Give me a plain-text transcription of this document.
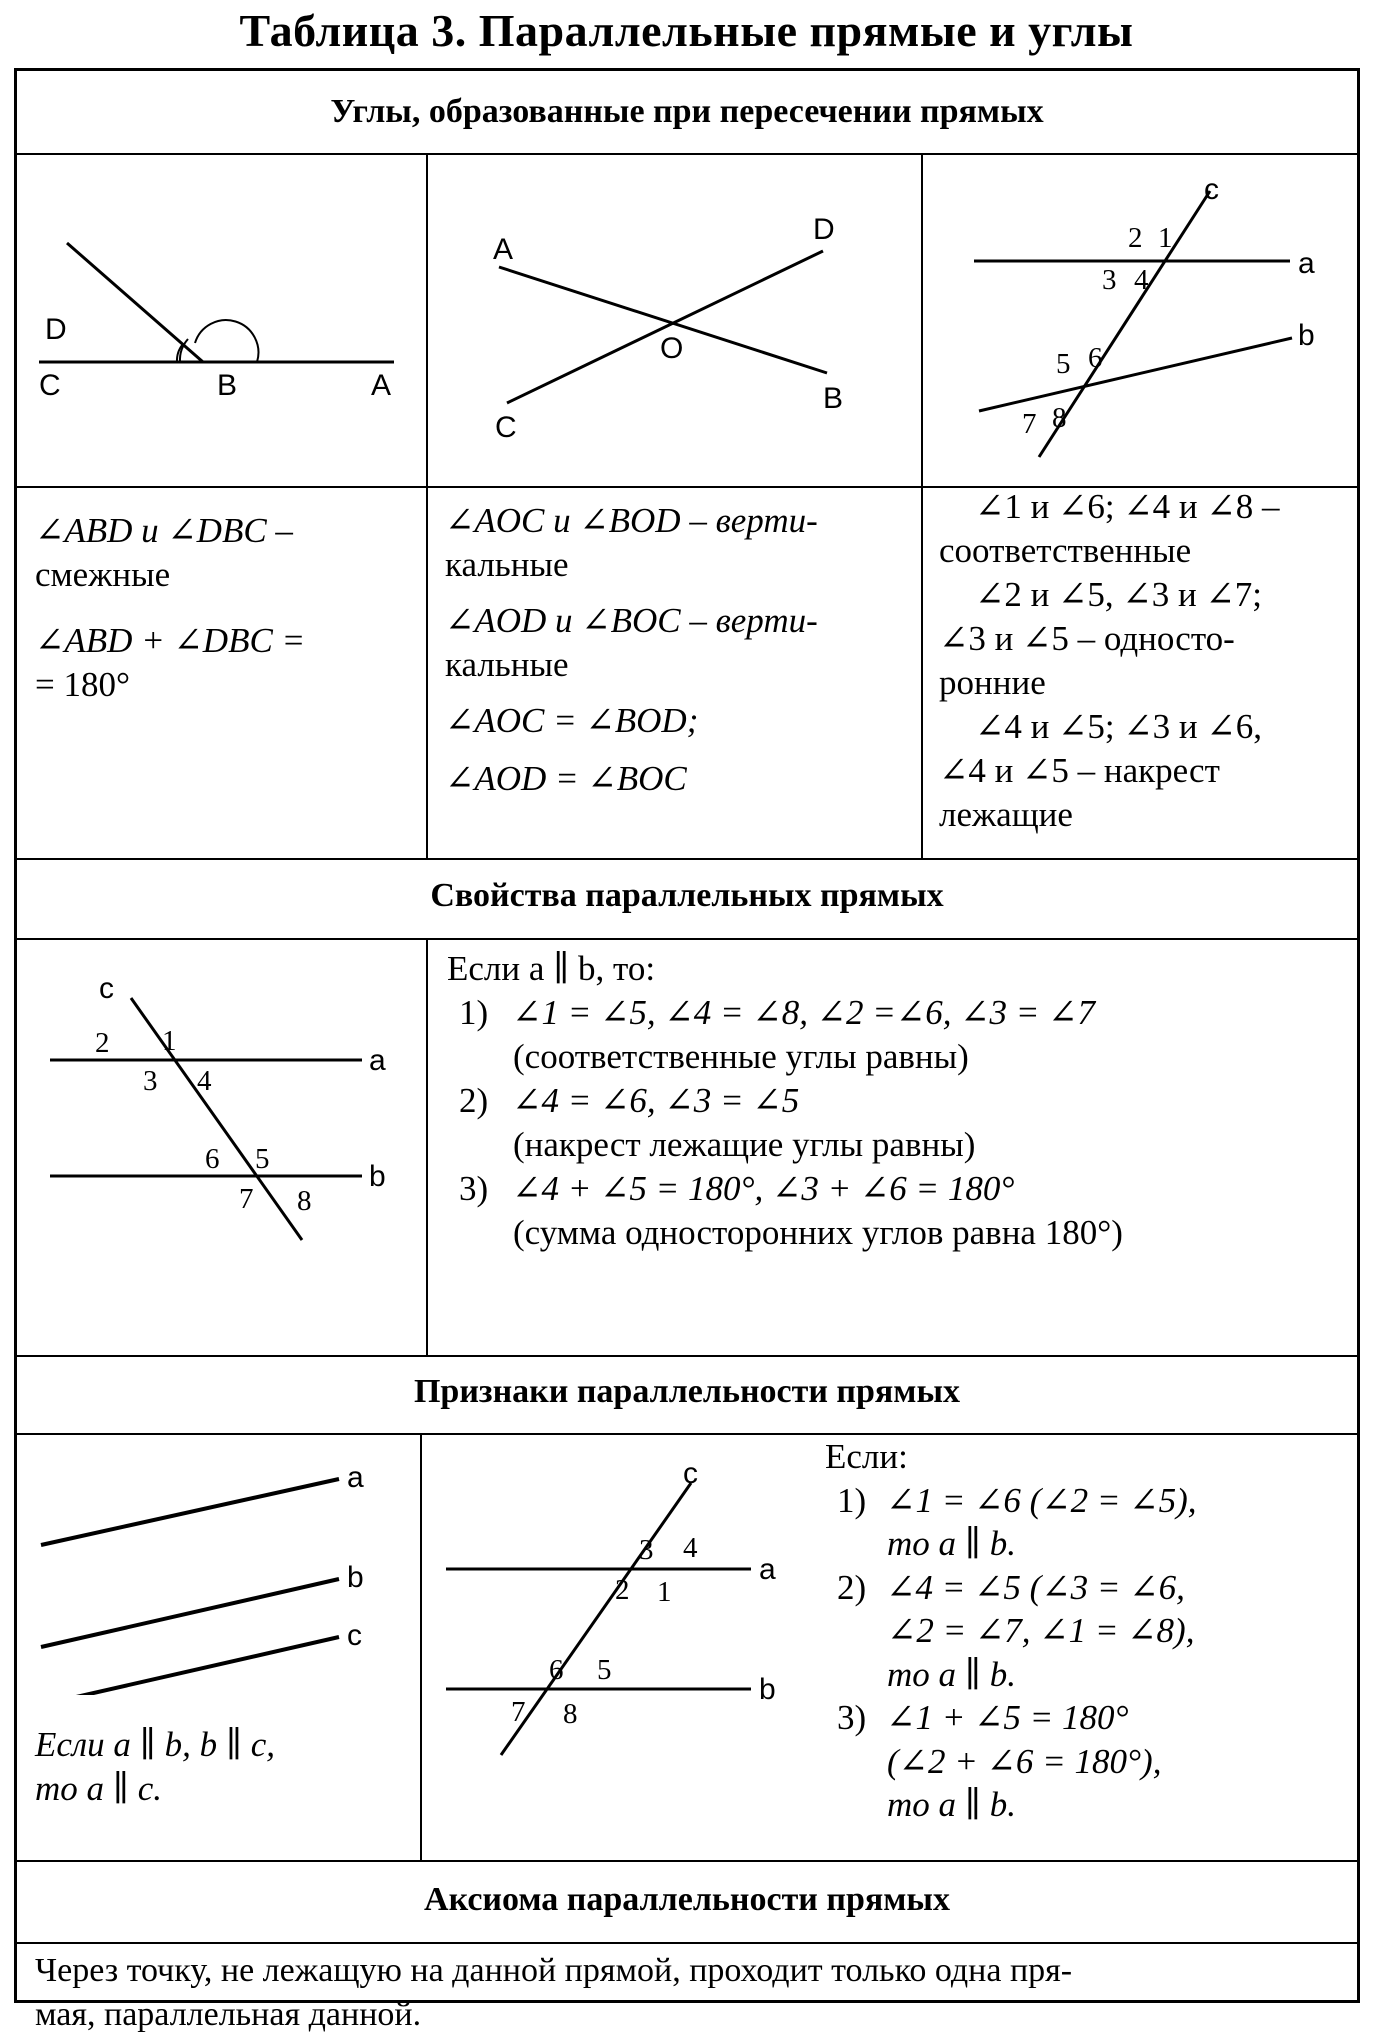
Таблица 3. Параллельные прямые и углы
Углы, образованные при пересечении прямых
D
C	B	A
A
D
O
C
B
c
a
b
2 1
3 4
5 6
7 8
∠ABD и ∠DBC –
смежные
∠ABD + ∠DBC =
= 180°
∠AOC и ∠BOD – верти-
кальные
∠AOD и ∠BOC – верти-
кальные
∠AOC = ∠BOD;
∠AOD = ∠BOC
∠1 и ∠6; ∠4 и ∠8 –
соответственные
∠2 и ∠5, ∠3 и ∠7;
∠3 и ∠5 – односто-
ронние
∠4 и ∠5; ∠3 и ∠6,
∠4 и ∠5 – накрест
лежащие
Свойства параллельных прямых
c
a
b
2 1
3 4
6 5
7 8
Если a ∥ b, то:
1) ∠1 = ∠5, ∠4 = ∠8, ∠2 =∠6, ∠3 = ∠7
(соответственные углы равны)
2) ∠4 = ∠6, ∠3 = ∠5
(накрест лежащие углы равны)
3) ∠4 + ∠5 = 180°, ∠3 + ∠6 = 180°
(сумма односторонних углов равна 180°)
Признаки параллельности прямых
a
b
c
Если a ∥ b, b ∥ c,
то a ∥ c.
c
a
b
3 4
2 1
6 5
7 8
Если:
1) ∠1 = ∠6 (∠2 = ∠5),
то a ∥ b.
2) ∠4 = ∠5 (∠3 = ∠6,
∠2 = ∠7, ∠1 = ∠8),
то a ∥ b.
3) ∠1 + ∠5 = 180°
(∠2 + ∠6 = 180°),
то a ∥ b.
Аксиома параллельности прямых
Через точку, не лежащую на данной прямой, проходит только одна пря-
мая, параллельная данной.
